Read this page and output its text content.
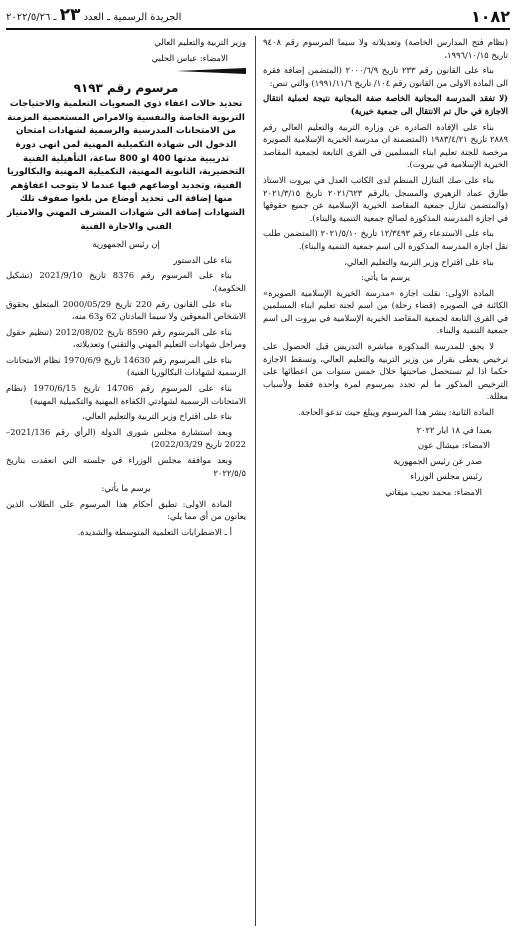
١٠٨٢
الجريدة الرسمية ـ العدد ٢٣ ـ ٢٠٢٢/٥/٢٦

(نظام فتح المدارس الخاصة) وتعديلاته ولا سيما المرسوم رقم ٩٤٠٨ تاريخ ١٩٩٦/١٠/١٥،

بناء على القانون رقم ٢٣٣ تاريخ ٢٠٠٠/٦/٩ (المتضمن إضافة فقرة الى المادة الاولى من القانون رقم ١٠٤/ تاريخ ١٩٩١/١١/٦) والتي تنص:

(لا تفقد المدرسة المجانية الخاصة صفة المجانية نتيجة لعملية انتقال الاجازة في حال تم الانتقال الى جمعية خيرية)

بناء على الإفادة الصادرة عن وزارة التربية والتعليم العالي رقم ٢٨٨٩ تاريخ ١٩٨٣/٤/٢١ (المتضمنة ان مدرسة الخيرية الإسلامية الصويرة مرخصة للجنة تعليم ابناء المسلمين في القرى التابعة لجمعية المقاصد الخيرية الإسلامية في بيروت).

بناء على صك التنازل المنظم لدى الكاتب العدل في بيروت الاستاذ طارق عماد الزهيري والمسجل بالرقم ٢٠٢١/٦٢٣ تاريخ ٢٠٢١/٣/١٥ (والمتضمن تنازل جمعية المقاصد الخيرية الإسلامية عن جميع حقوقها في اجازة المدرسة المذكورة لصالح جمعية التنمية والبناء).

بناء على الاستدعاء رقم ١٢/٣٤٩٣ تاريخ ٢٠٢١/٥/١٠ (المتضمن طلب نقل اجازة المدرسة المذكورة الى اسم جمعية التنمية والبناء).

بناء على اقتراح وزير التربية والتعليم العالي،

يرسم ما يأتي:

المادة الاولى: نقلت اجازة «مدرسة الخيرية الإسلامية الصويرة» الكائنة في الصويره (قضاء زحلة) من اسم لجنة تعليم ابناء المسلمين في القرى التابعة لجمعية المقاصد الخيرية الإسلامية في بيروت الى اسم جمعية التنمية والبناء.

لا يحق للمدرسة المذكورة مباشرة التدريس قبل الحصول على ترخيص يعطى بقرار من وزير التربية والتعليم العالي، وتسقط الاجازة حكما اذا لم تستحصل صاحبتها خلال خمس سنوات من اعطائها على الترخيص المذكور ما لم تجدد بمرسوم لمرة واحدة فقط ولأسباب معللة.

المادة الثانية: ينشر هذا المرسوم ويبلغ حيث تدعو الحاجة.

بعبدا في ١٨ ايار ٢٠٢٢

الامضاء: ميشال عون

صدر عن رئيس الجمهورية

رئيس مجلس الوزراء

الامضاء: محمد نجيب ميقاتي

وزير التربية والتعليم العالي

الامضاء: عباس الحلبي

مرسوم رقم ٩١٩٣
تحديد حالات اعفاء ذوي الصعوبات التعلمية والاحتياجات التربوية الخاصة والنفسية والامراض المستعصية المزمنة من الامتحانات المدرسية والرسمية لشهادات امتحان الدخول الى شهادة التكميلية المهنية لمن انهى دورة تدريبية مدتها 400 او 800 ساعة، التأهيلية الفنية التحضيرية، الثانوية المهنية، التكميلية المهنية والبكالوريا الفنية، وتحديد اوضاعهم فيها عندما لا يتوجب اعفاؤهم منها إضافة الى تحديد أوضاع من بلغوا صفوف تلك الشهادات إضافة الى شهادات المشرف المهني والامتياز الفني والاجازة الفنية

إن رئيس الجمهورية

بناء على الدستور

بناء على المرسوم رقم 8376 تاريخ 2021/9/10 (تشكيل الحكومة)،

بناء على القانون رقم 220 تاريخ 2000/05/29 المتعلق بحقوق الاشخاص المعوقين ولا سيما المادتان 62 و63 منه،

بناء على المرسوم رقم 8590 تاريخ 2012/08/02 (تنظيم حقول ومراحل شهادات التعليم المهني والتقني) وتعديلاته،

بناء على المرسوم رقم 14630 تاريخ 1970/6/9 نظام الامتحانات الرسمية لشهادات البكالوريا الفنية)

بناء على المرسوم رقم 14706 تاريخ 1970/6/15 (نظام الامتحانات الرسمية لشهادتي الكفاءة المهنية والتكميلية المهنية)

بناء على اقتراح وزير التربية والتعليم العالي،

وبعد استشارة مجلس شورى الدولة (الرأي رقم 2021/136–2022 تاريخ 2022/03/29)

وبعد موافقة مجلس الوزراء في جلسته التي انعقدت بتاريخ ٢٠٢٢/٥/٥

يرسم ما يأتي:

المادة الاولى: تطبق أحكام هذا المرسوم على الطلاب الذين يعانون من أي مما يلي:

أ ـ الاضطرابات التعلمية المتوسطة والشديدة.
